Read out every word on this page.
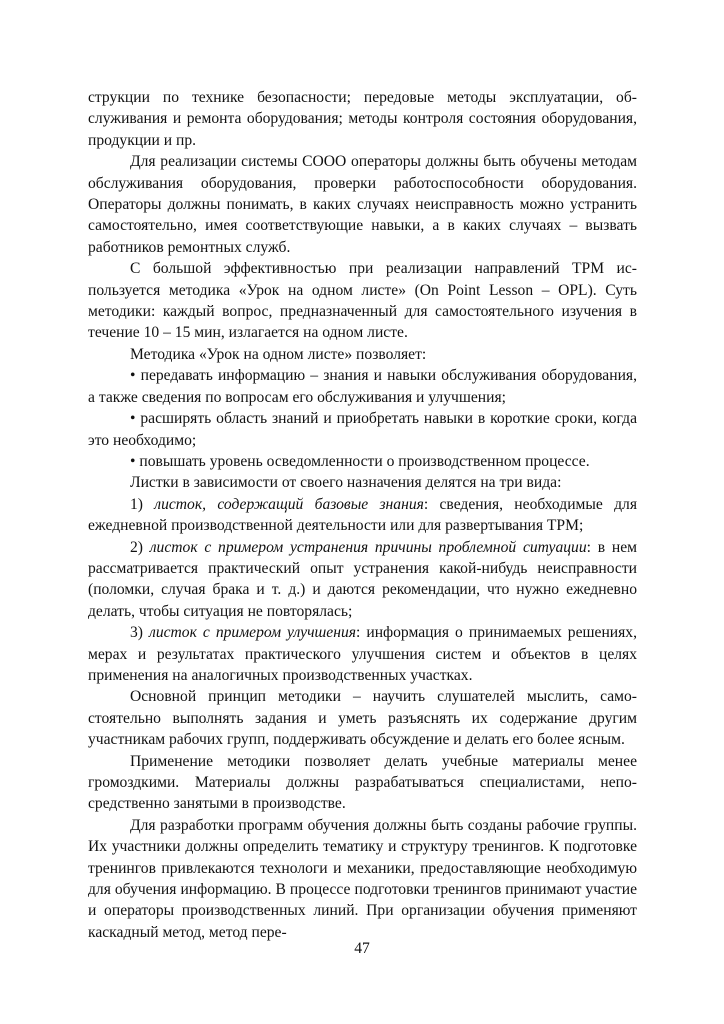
струкции по технике безопасности; передовые методы эксплуатации, обслуживания и ремонта оборудования; методы контроля состояния оборудования, продукции и пр.

Для реализации системы СООО операторы должны быть обучены методам обслуживания оборудования, проверки работоспособности оборудования. Операторы должны понимать, в каких случаях неисправность можно устранить самостоятельно, имея соответствующие навыки, а в каких случаях – вызвать работников ремонтных служб.

С большой эффективностью при реализации направлений TPM используется методика «Урок на одном листе» (On Point Lesson – OPL). Суть методики: каждый вопрос, предназначенный для самостоятельного изучения в течение 10 – 15 мин, излагается на одном листе.

Методика «Урок на одном листе» позволяет:

• передавать информацию – знания и навыки обслуживания оборудования, а также сведения по вопросам его обслуживания и улучшения;

• расширять область знаний и приобретать навыки в короткие сроки, когда это необходимо;

• повышать уровень осведомленности о производственном процессе.

Листки в зависимости от своего назначения делятся на три вида:

1) листок, содержащий базовые знания: сведения, необходимые для ежедневной производственной деятельности или для развертывания TPM;

2) листок с примером устранения причины проблемной ситуации: в нем рассматривается практический опыт устранения какой-нибудь неисправности (поломки, случая брака и т. д.) и даются рекомендации, что нужно ежедневно делать, чтобы ситуация не повторялась;

3) листок с примером улучшения: информация о принимаемых решениях, мерах и результатах практического улучшения систем и объектов в целях применения на аналогичных производственных участках.

Основной принцип методики – научить слушателей мыслить, самостоятельно выполнять задания и уметь разъяснять их содержание другим участникам рабочих групп, поддерживать обсуждение и делать его более ясным.

Применение методики позволяет делать учебные материалы менее громоздкими. Материалы должны разрабатываться специалистами, непосредственно занятыми в производстве.

Для разработки программ обучения должны быть созданы рабочие группы. Их участники должны определить тематику и структуру тренингов. К подготовке тренингов привлекаются технологи и механики, предоставляющие необходимую для обучения информацию. В процессе подготовки тренингов принимают участие и операторы производственных линий. При организации обучения применяют каскадный метод, метод пере-

47
